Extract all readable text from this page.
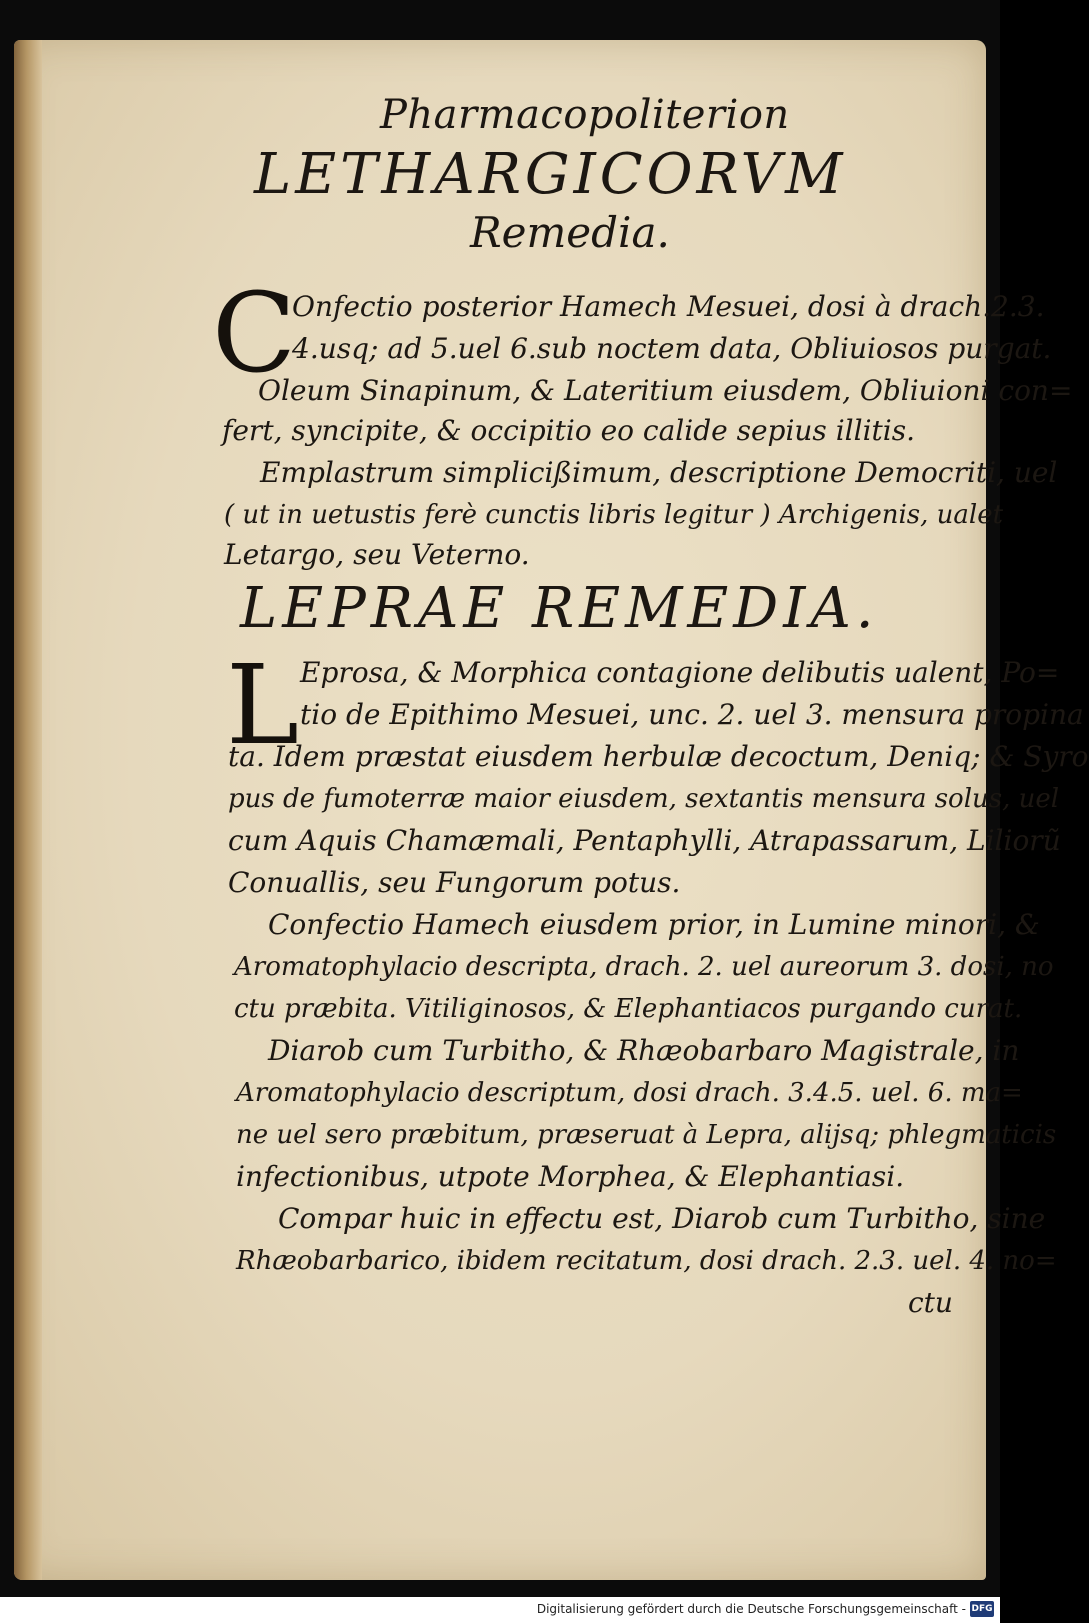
Pharmacopoliterion
LETHARGICORVM
Remedia.
C
Onfectio posterior Hamech Mesuei, dosi à drach.2.3.
4.usq; ad 5.uel 6.sub noctem data, Obliuiosos purgat.
Oleum Sinapinum, & Lateritium eiusdem, Obliuioni con=
fert, syncipite, & occipitio eo calide sepius illitis.
Emplastrum simplicißimum, descriptione Democriti, uel
( ut in uetustis ferè cunctis libris legitur ) Archigenis, ualet
Letargo, seu Veterno.
LEPRAE REMEDIA.
L Eprosa, & Morphica contagione delibutis ualent, Po=
tio de Epithimo Mesuei, unc. 2. uel 3. mensura propina
ta. Idem præstat eiusdem herbulæ decoctum, Deniq; & Syro
pus de fumoterræ maior eiusdem, sextantis mensura solus, uel
cum Aquis Chamæmali, Pentaphylli, Atrapassarum, Liliorũ
Conuallis, seu Fungorum potus.
Confectio Hamech eiusdem prior, in Lumine minori, &
Aromatophylacio descripta, drach. 2. uel aureorum 3. dosi, no
ctu præbita. Vitiliginosos, & Elephantiacos purgando curat.
Diarob cum Turbitho, & Rhæobarbaro Magistrale, in
Aromatophylacio descriptum, dosi drach. 3.4.5. uel. 6. ma=
ne uel sero præbitum, præseruat à Lepra, alijsq; phlegmaticis
infectionibus, utpote Morphea, & Elephantiasi.
Compar huic in effectu est, Diarob cum Turbitho, sine
Rhæobarbarico, ibidem recitatum, dosi drach. 2.3. uel. 4. no=
ctu
Digitalisierung gefördert durch die Deutsche Forschungsgemeinschaft - DFG
